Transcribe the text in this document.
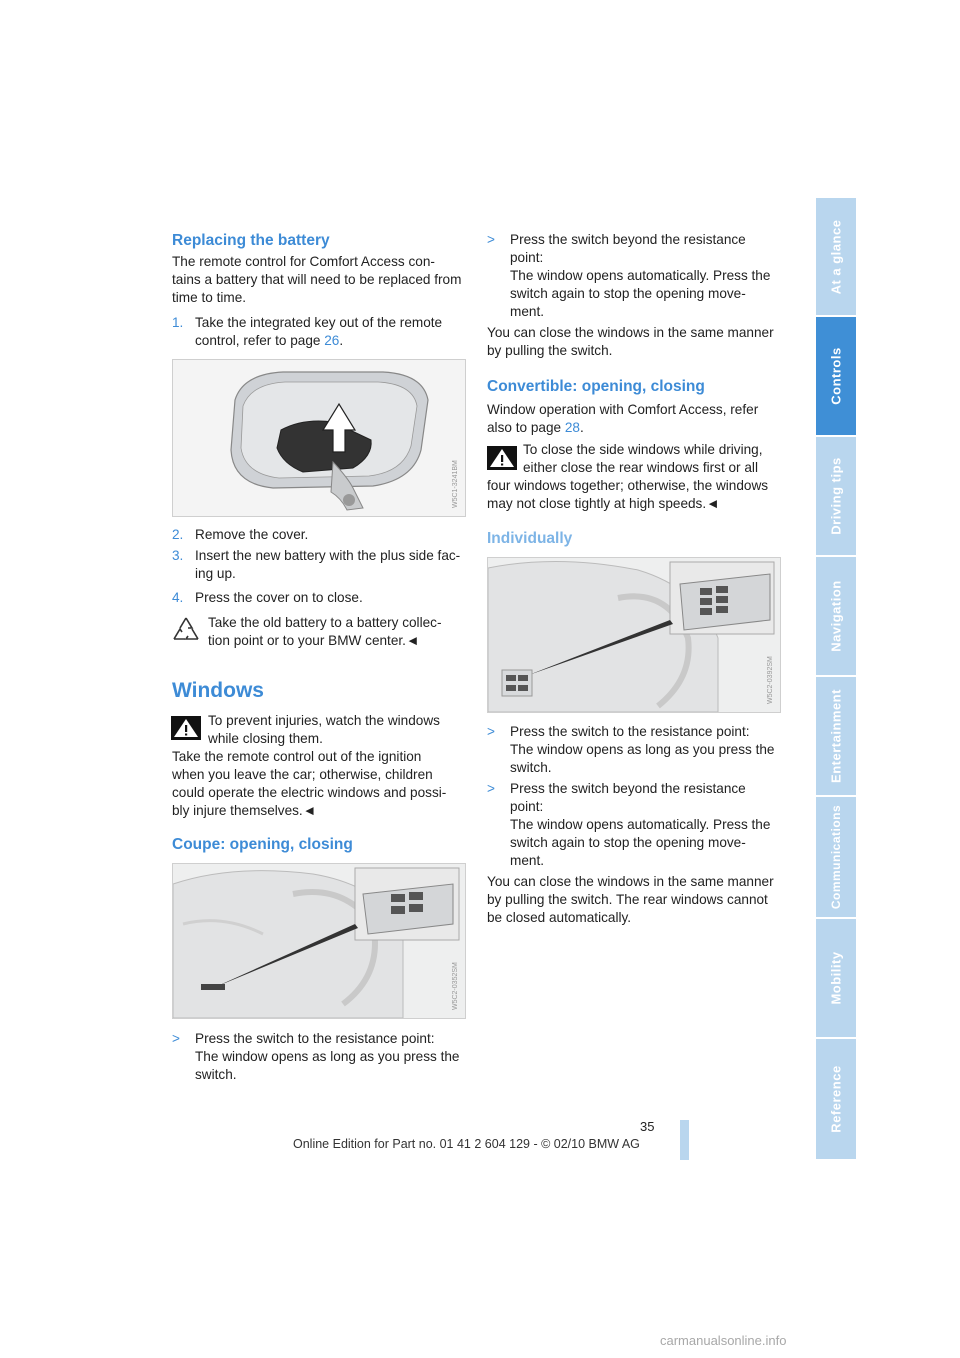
At a glance
Controls
Driving tips
Navigation
Entertainment
Communications
Mobility
Reference
Replacing the battery

The remote control for Comfort Access con-

tains a battery that will need to be replaced from

time to time.

1. Take the integrated key out of the remote
control, refer to page 26.
W5C1-3241BM
2. Remove the cover.
3. Insert the new battery with the plus side fac-
ing up.
4. Press the cover on to close.

Take the old battery to a battery collec-

tion point or to your BMW center.◄

Windows

To prevent injuries, watch the windows

while closing them.

Take the remote control out of the ignition

when you leave the car; otherwise, children

could operate the electric windows and possi-

bly injure themselves.◄

Coupe: opening, closing
W5C2-0352SM
> Press the switch to the resistance point:
The window opens as long as you press the
switch.
> Press the switch beyond the resistance
point:
The window opens automatically. Press the
switch again to stop the opening move-
ment.

You can close the windows in the same manner

by pulling the switch.

Convertible: opening, closing

Window operation with Comfort Access, refer

also to page 28.

To close the side windows while driving,

either close the rear windows first or all

four windows together; otherwise, the windows

may not close tightly at high speeds.◄

Individually
W5C2-0392SM
> Press the switch to the resistance point:
The window opens as long as you press the
switch.
> Press the switch beyond the resistance
point:
The window opens automatically. Press the
switch again to stop the opening move-
ment.

You can close the windows in the same manner

by pulling the switch. The rear windows cannot

be closed automatically.

35
Online Edition for Part no. 01 41 2 604 129 - © 02/10 BMW AG
carmanualsonline.info
